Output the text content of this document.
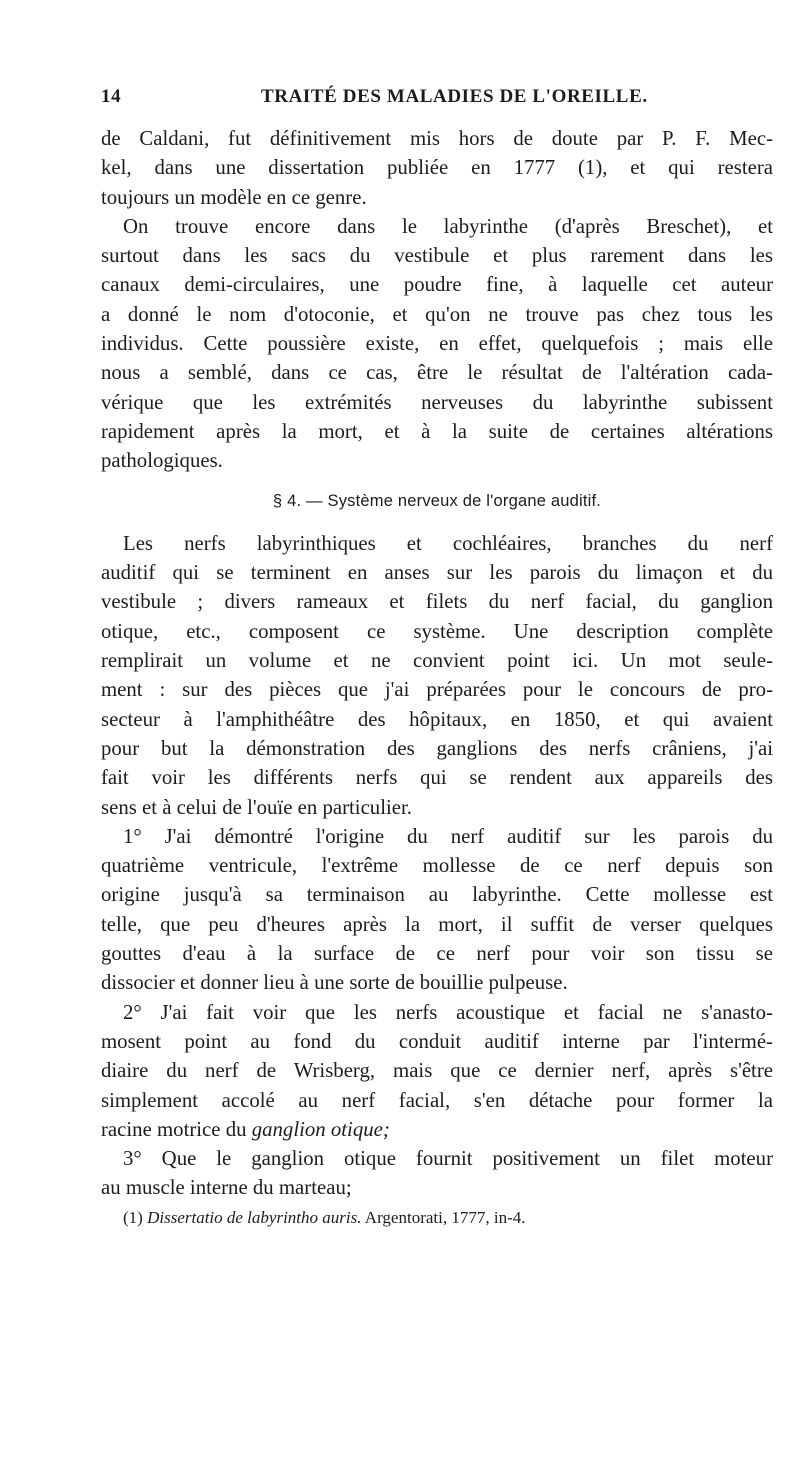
14	TRAITÉ DES MALADIES DE L'OREILLE.
de Caldani, fut définitivement mis hors de doute par P. F. Mec-
kel, dans une dissertation publiée en 1777 (1), et qui restera
toujours un modèle en ce genre.
On trouve encore dans le labyrinthe (d'après Breschet), et
surtout dans les sacs du vestibule et plus rarement dans les
canaux demi-circulaires, une poudre fine, à laquelle cet auteur
a donné le nom d'otoconie, et qu'on ne trouve pas chez tous les
individus. Cette poussière existe, en effet, quelquefois ; mais elle
nous a semblé, dans ce cas, être le résultat de l'altération cada-
vérique que les extrémités nerveuses du labyrinthe subissent
rapidement après la mort, et à la suite de certaines altérations
pathologiques.
§ 4. — Système nerveux de l'organe auditif.
Les nerfs labyrinthiques et cochléaires, branches du nerf
auditif qui se terminent en anses sur les parois du limaçon et du
vestibule ; divers rameaux et filets du nerf facial, du ganglion
otique, etc., composent ce système. Une description complète
remplirait un volume et ne convient point ici. Un mot seule-
ment : sur des pièces que j'ai préparées pour le concours de pro-
secteur à l'amphithéâtre des hôpitaux, en 1850, et qui avaient
pour but la démonstration des ganglions des nerfs crâniens, j'ai
fait voir les différents nerfs qui se rendent aux appareils des
sens et à celui de l'ouïe en particulier.
1° J'ai démontré l'origine du nerf auditif sur les parois du
quatrième ventricule, l'extrême mollesse de ce nerf depuis son
origine jusqu'à sa terminaison au labyrinthe. Cette mollesse est
telle, que peu d'heures après la mort, il suffit de verser quelques
gouttes d'eau à la surface de ce nerf pour voir son tissu se
dissocier et donner lieu à une sorte de bouillie pulpeuse.
2° J'ai fait voir que les nerfs acoustique et facial ne s'anasto-
mosent point au fond du conduit auditif interne par l'intermé-
diaire du nerf de Wrisberg, mais que ce dernier nerf, après s'être
simplement accolé au nerf facial, s'en détache pour former la
racine motrice du ganglion otique;
3° Que le ganglion otique fournit positivement un filet moteur
au muscle interne du marteau;
(1) Dissertatio de labyrintho auris. Argentorati, 1777, in-4.
